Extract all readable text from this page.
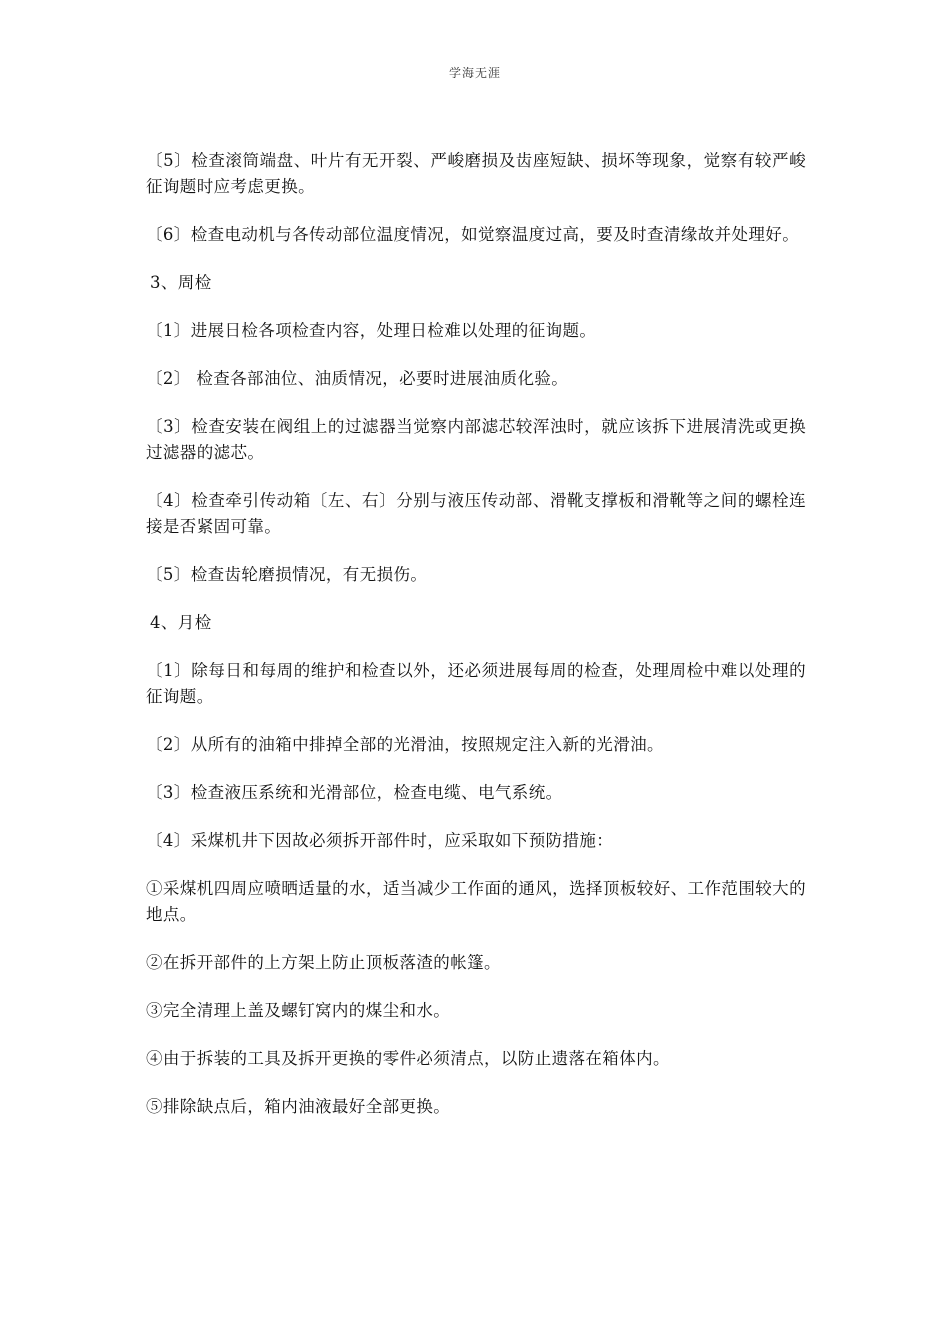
学海无涯

〔5〕检查滚筒端盘、叶片有无开裂、严峻磨损及齿座短缺、损坏等现象，觉察有较严峻征询题时应考虑更换。

〔6〕检查电动机与各传动部位温度情况，如觉察温度过高，要及时查清缘故并处理好。

3、周检

〔1〕进展日检各项检查内容，处理日检难以处理的征询题。

〔2〕 检查各部油位、油质情况，必要时进展油质化验。

〔3〕检查安装在阀组上的过滤器当觉察内部滤芯较浑浊时，就应该拆下进展清洗或更换过滤器的滤芯。

〔4〕检查牵引传动箱〔左、右〕分别与液压传动部、滑靴支撑板和滑靴等之间的螺栓连接是否紧固可靠。

〔5〕检查齿轮磨损情况，有无损伤。

4、月检

〔1〕除每日和每周的维护和检查以外，还必须进展每周的检查，处理周检中难以处理的征询题。

〔2〕从所有的油箱中排掉全部的光滑油，按照规定注入新的光滑油。

〔3〕检查液压系统和光滑部位，检查电缆、电气系统。

〔4〕采煤机井下因故必须拆开部件时，应采取如下预防措施：

①采煤机四周应喷晒适量的水，适当减少工作面的通风，选择顶板较好、工作范围较大的地点。

②在拆开部件的上方架上防止顶板落渣的帐篷。

③完全清理上盖及螺钉窝内的煤尘和水。

④由于拆装的工具及拆开更换的零件必须清点，以防止遗落在箱体内。

⑤排除缺点后，箱内油液最好全部更换。
